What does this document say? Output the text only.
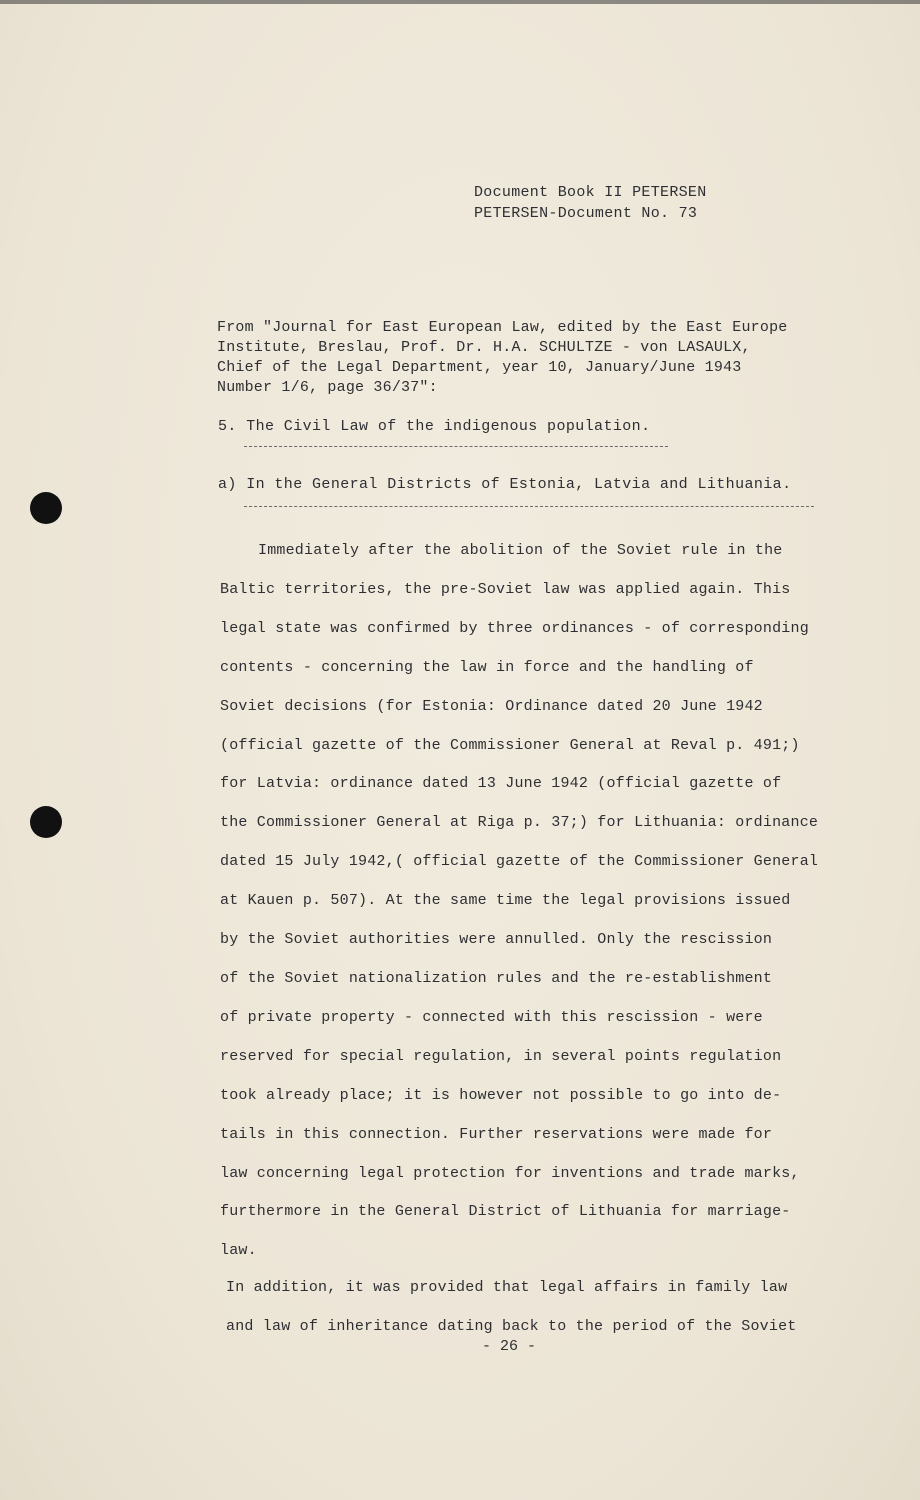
Document Book II PETERSEN
PETERSEN-Document No. 73
From "Journal for East European Law, edited by the East Europe
Institute, Breslau, Prof. Dr. H.A. SCHULTZE - von LASAULX,
Chief of the Legal Department, year 10, January/June 1943
Number 1/6, page 36/37":
5. The Civil Law of the indigenous population.
a) In the General Districts of Estonia, Latvia and Lithuania.
Immediately after the abolition of the Soviet rule in the
Baltic territories, the pre-Soviet law was applied again. This
legal state was confirmed by three ordinances - of corresponding
contents - concerning the law in force and the handling of
Soviet decisions (for Estonia: Ordinance dated 20 June 1942
(official gazette of the Commissioner General at Reval p. 491;)
for Latvia: ordinance dated 13 June 1942 (official gazette of
the Commissioner General at Riga p. 37;) for Lithuania: ordinance
dated 15 July 1942,( official gazette of the Commissioner General
at Kauen p. 507). At the same time the legal provisions issued
by the Soviet authorities were annulled. Only the rescission
of the Soviet nationalization rules and the re-establishment
of private property - connected with this rescission - were
reserved for special regulation, in several points regulation
took already place; it is however not possible to go into de-
tails in this connection. Further reservations were made for
law concerning legal protection for inventions and trade marks,
furthermore in the General District of Lithuania for marriage-
law.
In addition, it was provided that legal affairs in family law
and law of inheritance dating back to the period of the Soviet
- 26 -
